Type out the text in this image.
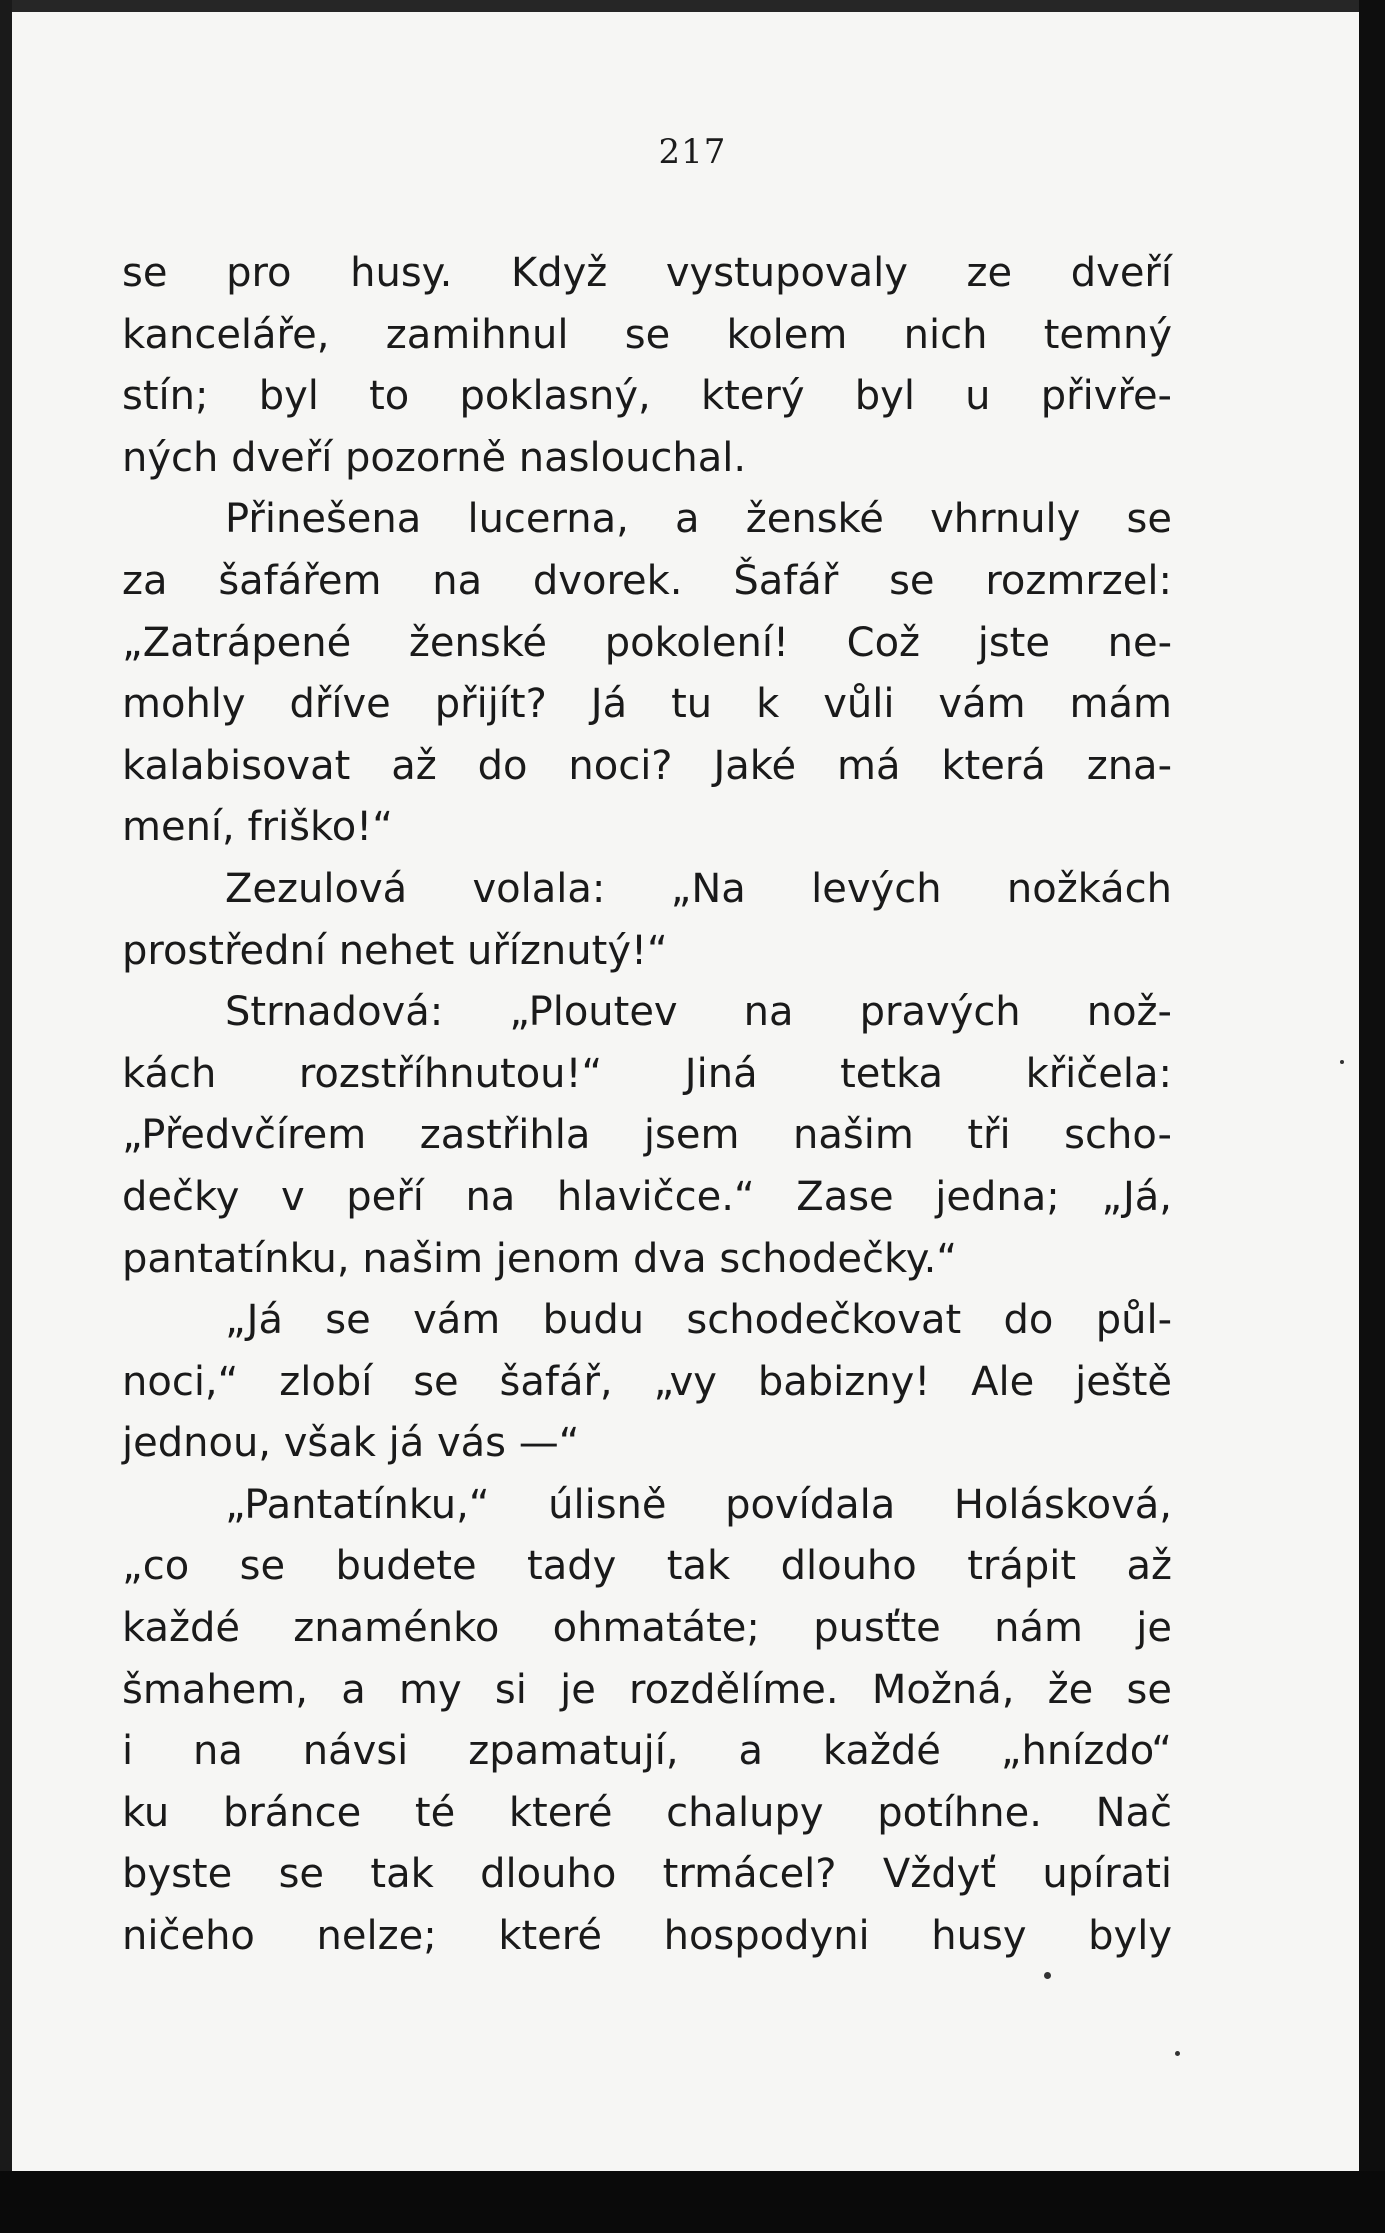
217
se pro husy. Když vystupovaly ze dveří
kanceláře, zamihnul se kolem nich temný
stín; byl to poklasný, který byl u přivře-
ných dveří pozorně naslouchal.
Přinešena lucerna, a ženské vhrnuly se
za šafářem na dvorek. Šafář se rozmrzel:
„Zatrápené ženské pokolení! Což jste ne-
mohly dříve přijít? Já tu k vůli vám mám
kalabisovat až do noci? Jaké má která zna-
mení, friško!“
Zezulová volala: „Na levých nožkách
prostřední nehet uříznutý!“
Strnadová: „Ploutev na pravých nož-
kách rozstříhnutou!“ Jiná tetka křičela:
„Předvčírem zastřihla jsem našim tři scho-
dečky v peří na hlavičce.“ Zase jedna; „Já,
pantatínku, našim jenom dva schodečky.“
„Já se vám budu schodečkovat do půl-
noci,“ zlobí se šafář, „vy babizny! Ale ještě
jednou, však já vás —“
„Pantatínku,“ úlisně povídala Holásková,
„co se budete tady tak dlouho trápit až
každé znaménko ohmatáte; pusťte nám je
šmahem, a my si je rozdělíme. Možná, že se
i na návsi zpamatují, a každé „hnízdo“
ku bránce té které chalupy potíhne. Nač
byste se tak dlouho trmácel? Vždyť upírati
ničeho nelze; které hospodyni husy byly
